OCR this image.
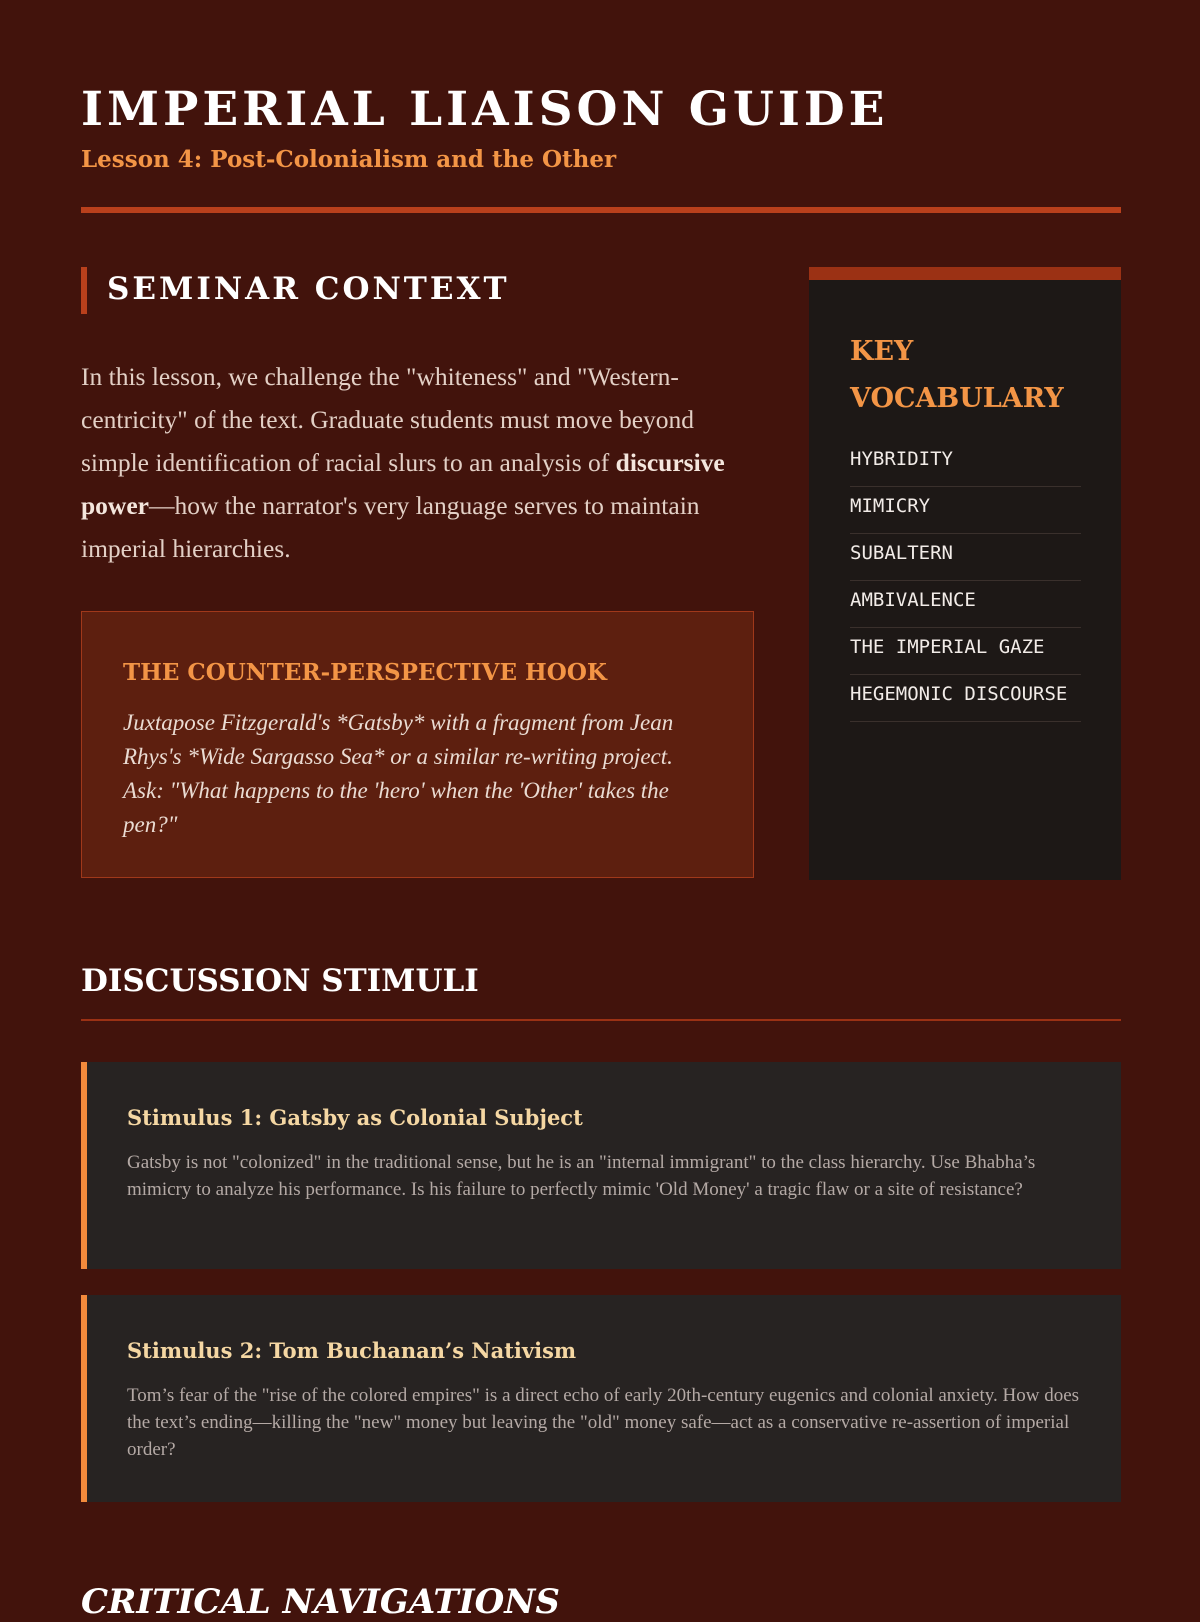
IMPERIAL LIAISON GUIDE
Lesson 4: Post-Colonialism and the Other
SEMINAR CONTEXT

In this lesson, we challenge the "whiteness" and "Western-centricity" of the text. Graduate students must move beyond simple identification of racial slurs to an analysis of discursive power—how the narrator's very language serves to maintain imperial hierarchies.

THE COUNTER-PERSPECTIVE HOOK

Juxtapose Fitzgerald's *Gatsby* with a fragment from Jean Rhys's *Wide Sargasso Sea* or a similar re-writing project. Ask: "What happens to the 'hero' when the 'Other' takes the pen?"

KEY VOCABULARY
HYBRIDITY
MIMICRY
SUBALTERN
AMBIVALENCE
THE IMPERIAL GAZE
HEGEMONIC DISCOURSE
DISCUSSION STIMULI
Stimulus 1: Gatsby as Colonial Subject

Gatsby is not "colonized" in the traditional sense, but he is an "internal immigrant" to the class hierarchy. Use Bhabha’s mimicry to analyze his performance. Is his failure to perfectly mimic 'Old Money' a tragic flaw or a site of resistance?

Stimulus 2: Tom Buchanan’s Nativism

Tom’s fear of the "rise of the colored empires" is a direct echo of early 20th-century eugenics and colonial anxiety. How does the text’s ending—killing the "new" money but leaving the "old" money safe—act as a conservative re-assertion of imperial order?

CRITICAL NAVIGATIONS
